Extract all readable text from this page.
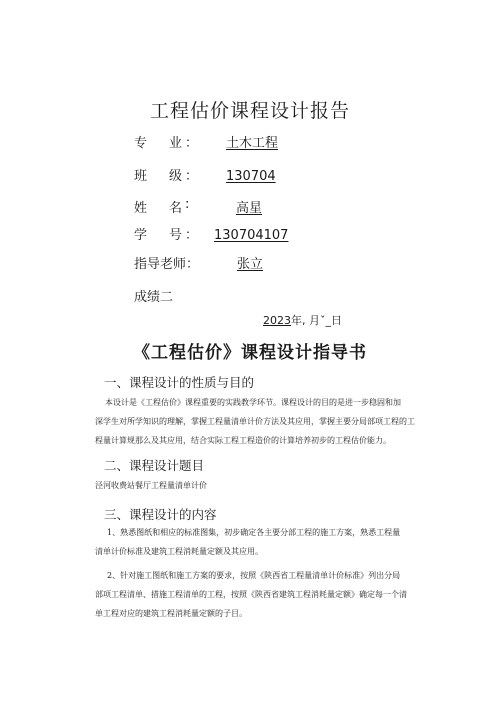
工程估价课程设计报告
专 业 ：	土木工程
班 级 ：	130704
姓 名 :	高星
学 号 ：	130704107
指导老师 ：	张立
成绩二
2023年, 月ˇ_日
《工程估价》课程设计指导书
一、课程设计的性质与目的
本设计是《工程估价》课程重要的实践教学环节。课程设计的目的是进一步稳固和加
深学生对所学知识的理解，掌握工程量清单计价方法及其应用，掌握主要分局部项工程的工
程量计算规那么及其应用，结合实际工程工程造价的计算培养初步的工程估价能力。
二、课程设计题目
泾河收费站餐厅工程量清单计价
三、课程设计的内容
1、熟悉图纸和相应的标准图集，初步确定各主要分部工程的施工方案，熟悉工程量
清单计价标准及建筑工程消耗量定额及其应用。
2、针对施工图纸和施工方案的要求，按照《陕西省工程量清单计价标准》列出分局
部项工程清单、措施工程清单的工程，按照《陕西省建筑工程消耗量定额》确定每一个清
单工程对应的建筑工程消耗量定额的子目。
